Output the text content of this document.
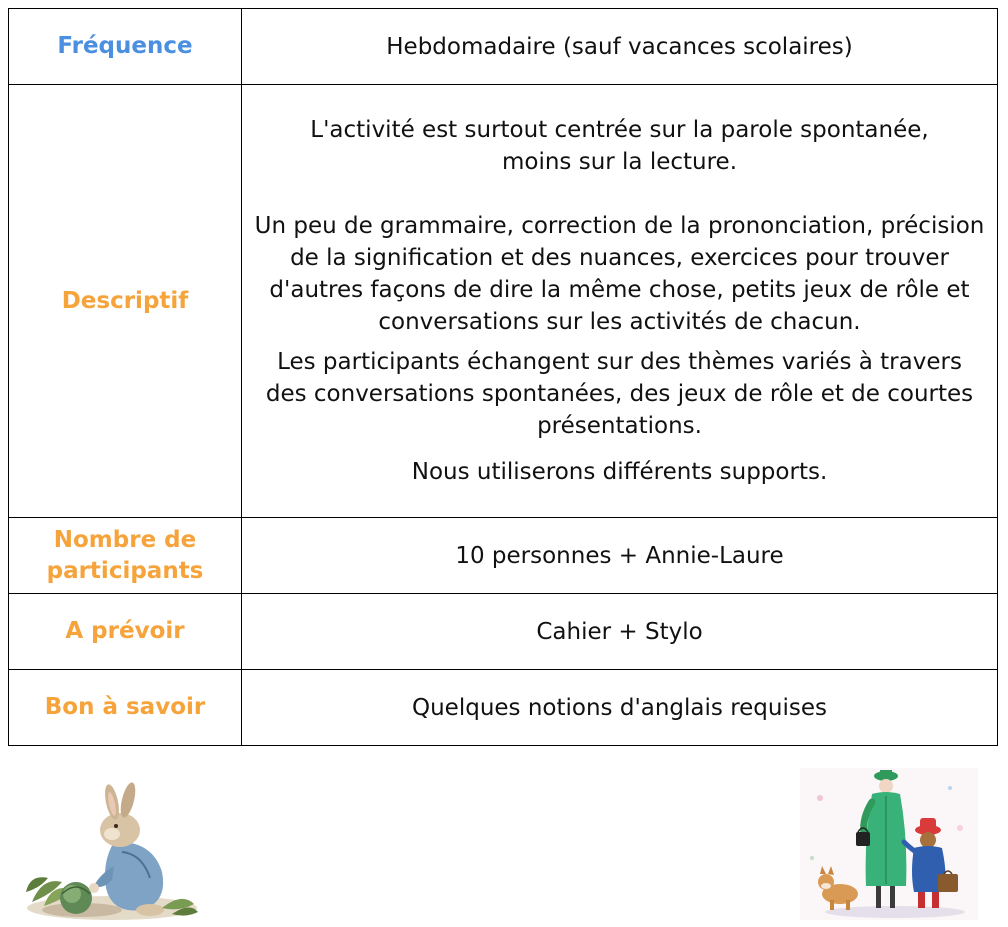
Fréquence	Hebdomadaire (sauf vacances scolaires)
Descriptif	L'activité est surtout centrée sur la parole spontanée, moins sur la lecture.

Un peu de grammaire, correction de la prononciation, précision de la signification et des nuances, exercices pour trouver d'autres façons de dire la même chose, petits jeux de rôle et conversations sur les activités de chacun.

Les participants échangent sur des thèmes variés à travers des conversations spontanées, des jeux de rôle et de courtes présentations.

Nous utiliserons différents supports.

Nombre de participants	10 personnes + Annie-Laure
A prévoir	Cahier + Stylo
Bon à savoir	Quelques notions d'anglais requises
